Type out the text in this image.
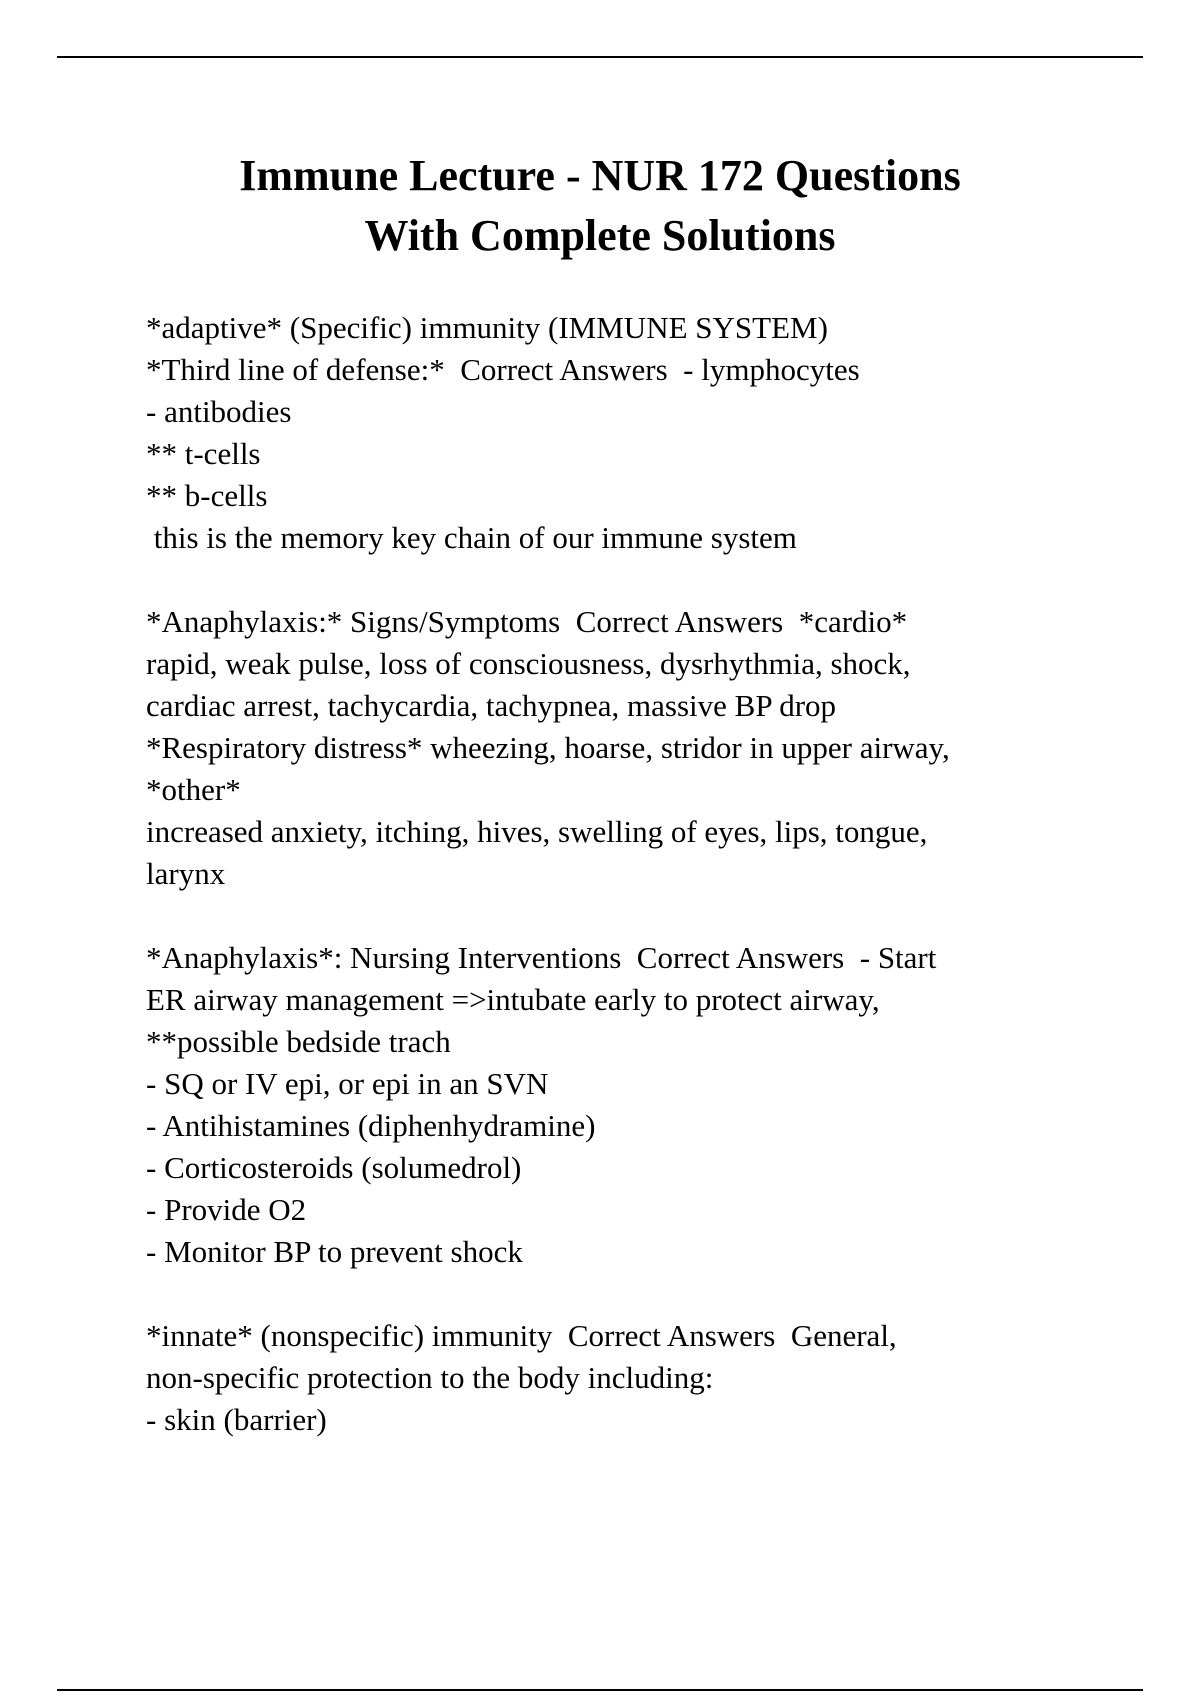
Immune Lecture - NUR 172 Questions
With Complete Solutions
*adaptive* (Specific) immunity (IMMUNE SYSTEM)
*Third line of defense:*  Correct Answers  - lymphocytes
- antibodies
** t-cells
** b-cells
this is the memory key chain of our immune system
*Anaphylaxis:* Signs/Symptoms  Correct Answers  *cardio*
rapid, weak pulse, loss of consciousness, dysrhythmia, shock,
cardiac arrest, tachycardia, tachypnea, massive BP drop
*Respiratory distress* wheezing, hoarse, stridor in upper airway,
*other*
increased anxiety, itching, hives, swelling of eyes, lips, tongue,
larynx
*Anaphylaxis*: Nursing Interventions  Correct Answers  - Start
ER airway management =>intubate early to protect airway,
**possible bedside trach
- SQ or IV epi, or epi in an SVN
- Antihistamines (diphenhydramine)
- Corticosteroids (solumedrol)
- Provide O2
- Monitor BP to prevent shock
*innate* (nonspecific) immunity  Correct Answers  General,
non-specific protection to the body including:
- skin (barrier)
